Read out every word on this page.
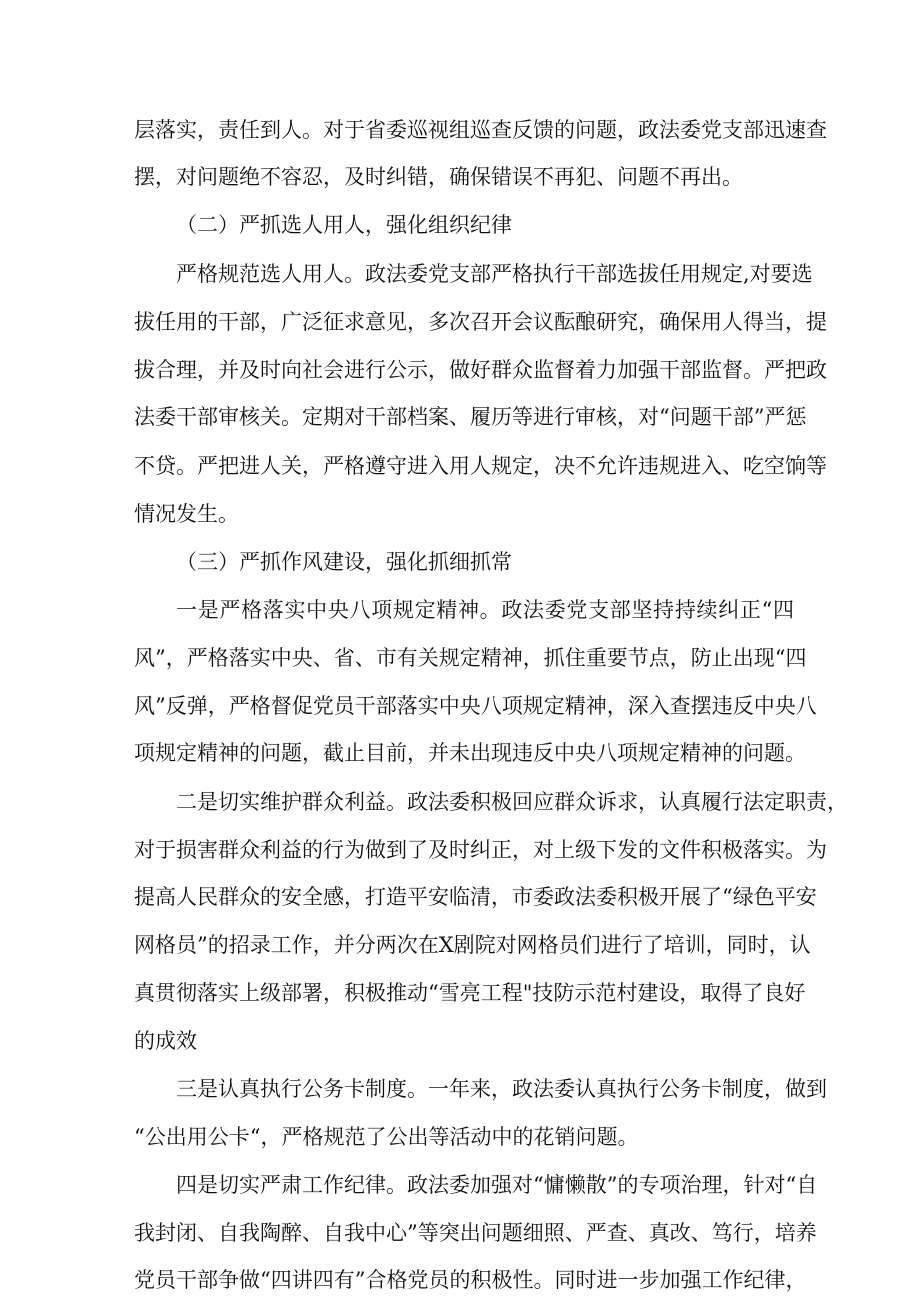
层落实，责任到人。对于省委巡视组巡查反馈的问题，政法委党支部迅速查

摆，对问题绝不容忍，及时纠错，确保错误不再犯、问题不再出。

（二）严抓选人用人，强化组织纪律

严格规范选人用人。政法委党支部严格执行干部选拔任用规定,对要选

拔任用的干部，广泛征求意见，多次召开会议酝酿研究，确保用人得当，提

拔合理，并及时向社会进行公示，做好群众监督着力加强干部监督。严把政

法委干部审核关。定期对干部档案、履历等进行审核，对“问题干部”严惩

不贷。严把进人关，严格遵守进入用人规定，决不允许违规进入、吃空饷等

情况发生。

（三）严抓作风建设，强化抓细抓常

一是严格落实中央八项规定精神。政法委党支部坚持持续纠正“四

风”，严格落实中央、省、市有关规定精神，抓住重要节点，防止出现“四

风”反弹，严格督促党员干部落实中央八项规定精神，深入查摆违反中央八

项规定精神的问题，截止目前，并未出现违反中央八项规定精神的问题。

二是切实维护群众利益。政法委积极回应群众诉求，认真履行法定职责，

对于损害群众利益的行为做到了及时纠正，对上级下发的文件积极落实。为

提高人民群众的安全感，打造平安临清，市委政法委积极开展了“绿色平安

网格员”的招录工作，并分两次在X剧院对网格员们进行了培训，同时，认

真贯彻落实上级部署，积极推动“雪亮工程"技防示范村建设，取得了良好

的成效

三是认真执行公务卡制度。一年来，政法委认真执行公务卡制度，做到

“公出用公卡“，严格规范了公出等活动中的花销问题。

四是切实严肃工作纪律。政法委加强对“慵懒散”的专项治理，针对“自

我封闭、自我陶醉、自我中心”等突出问题细照、严查、真改、笃行，培养

党员干部争做“四讲四有”合格党员的积极性。同时进一步加强工作纪律，
